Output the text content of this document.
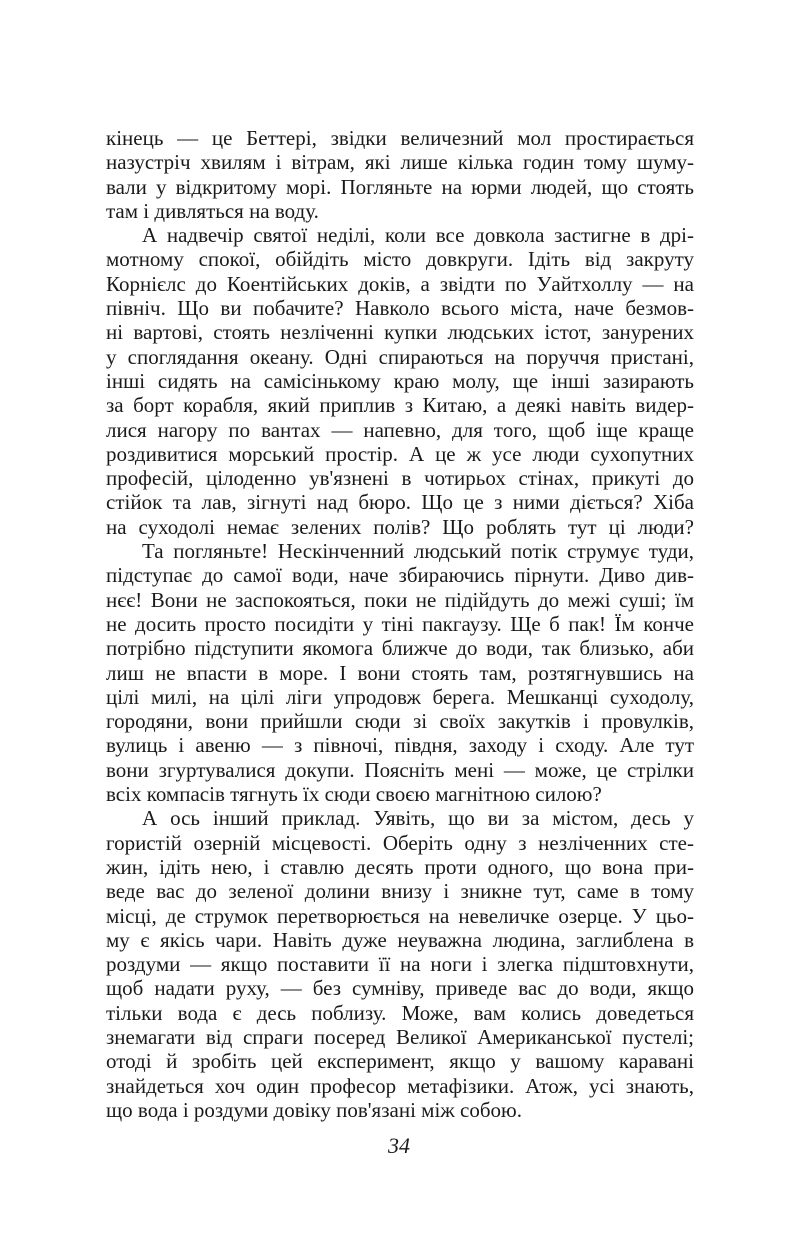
кінець — це Беттері, звідки величезний мол простирається
назустріч хвилям і вітрам, які лише кілька годин тому шуму-
вали у відкритому морі. Погляньте на юрми людей, що стоять
там і дивляться на воду.
А надвечір святої неділі, коли все довкола застигне в дрі-
мотному спокої, обійдіть місто довкруги. Ідіть від закруту
Корнієлс до Коентійських доків, а звідти по Уайтхоллу — на
північ. Що ви побачите? Навколо всього міста, наче безмов-
ні вартові, стоять незліченні купки людських істот, занурених
у споглядання океану. Одні спираються на поруччя пристані,
інші сидять на самісінькому краю молу, ще інші зазирають
за борт корабля, який приплив з Китаю, а деякі навіть видер-
лися нагору по вантах — напевно, для того, щоб іще краще
роздивитися морський простір. А це ж усе люди сухопутних
професій, цілоденно ув'язнені в чотирьох стінах, прикуті до
стійок та лав, зігнуті над бюро. Що це з ними діється? Хіба
на суходолі немає зелених полів? Що роблять тут ці люди?
Та погляньте! Нескінченний людський потік струмує туди,
підступає до самої води, наче збираючись пірнути. Диво див-
нєє! Вони не заспокояться, поки не підійдуть до межі суші; їм
не досить просто посидіти у тіні пакгаузу. Ще б пак! Їм конче
потрібно підступити якомога ближче до води, так близько, аби
лиш не впасти в море. І вони стоять там, розтягнувшись на
цілі милі, на цілі ліги упродовж берега. Мешканці суходолу,
городяни, вони прийшли сюди зі своїх закутків і провулків,
вулиць і авеню — з півночі, півдня, заходу і сходу. Але тут
вони згуртувалися докупи. Поясніть мені — може, це стрілки
всіх компасів тягнуть їх сюди своєю магнітною силою?
А ось інший приклад. Уявіть, що ви за містом, десь у
гористій озерній місцевості. Оберіть одну з незліченних сте-
жин, ідіть нею, і ставлю десять проти одного, що вона при-
веде вас до зеленої долини внизу і зникне тут, саме в тому
місці, де струмок перетворюється на невеличке озерце. У цьо-
му є якісь чари. Навіть дуже неуважна людина, заглиблена в
роздуми — якщо поставити її на ноги і злегка підштовхнути,
щоб надати руху, — без сумніву, приведе вас до води, якщо
тільки вода є десь поблизу. Може, вам колись доведеться
знемагати від спраги посеред Великої Американської пустелі;
отоді й зробіть цей експеримент, якщо у вашому каравані
знайдеться хоч один професор метафізики. Атож, усі знають,
що вода і роздуми довіку пов'язані між собою.
34
